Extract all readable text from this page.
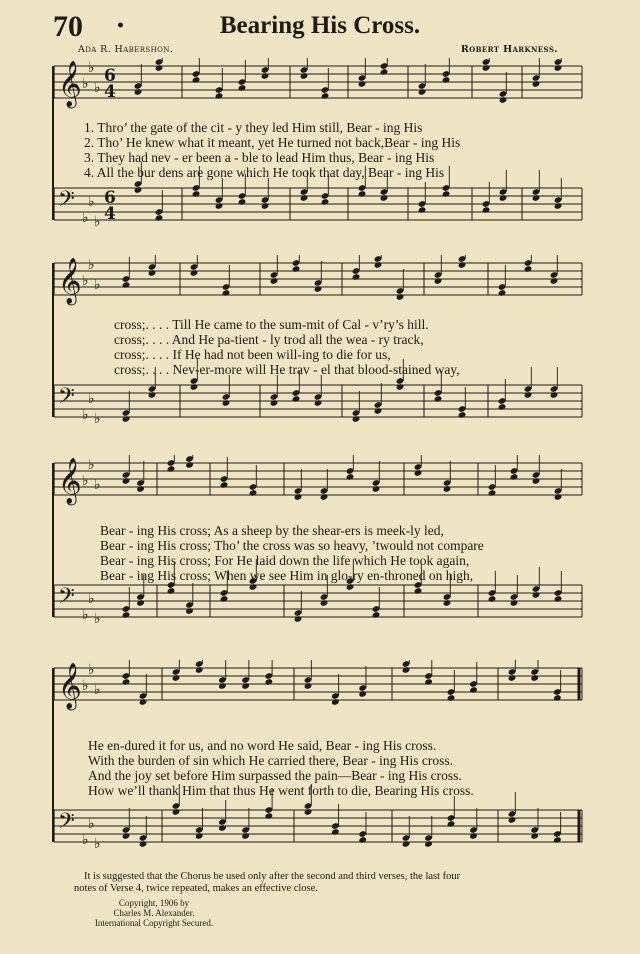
70 •	Bearing His Cross.
Ada R. Habershon.	Robert Harkness.
𝄞 ♭
♭
♭
6
4
𝄢
♭
♭
♭
6
4
1. Thro’ the gate of the cit - y they led Him still, Bear - ing His
2. Tho’ He knew what it meant, yet He turned not back,Bear - ing His
3. They had nev - er been a - ble to lead Him thus, Bear - ing His
4. All the bur dens are gone which He took that day, Bear - ing His
𝄞 ♭
♭
♭
𝄢
♭
♭
♭
cross;. . . . Till He came to the sum-mit of Cal - v’ry’s hill.
cross;. . . . And He pa-tient - ly trod all the wea - ry track,
cross;. . . . If He had not been will-ing to die for us,
cross;. . . . Nev-er-more will He trav - el that blood-stained way,
𝄞 ♭
♭
♭
𝄢
♭
♭
♭
Bear - ing His cross; As a sheep by the shear-ers is meek-ly led,
Bear - ing His cross; Tho’ the cross was so heavy, ’twould not compare
Bear - ing His cross; For He laid down the life which He took again,
Bear - ing His cross; When we see Him in glo-ry en-throned on high,
𝄞 ♭
♭
♭
𝄢
♭
♭
♭
He en-dured it for us, and no word He said, Bear - ing His cross.
With the burden of sin which He carried there, Bear - ing His cross.
And the joy set before Him surpassed the pain—Bear - ing His cross.
How we’ll thank Him that thus He went forth to die, Bearing His cross.

It is suggested that the Chorus be used only after the second and third verses, the last four

notes of Verse 4, twice repeated, makes an effective close.

Copyright, 1906 by
Charles M. Alexander.
International Copyright Secured.
